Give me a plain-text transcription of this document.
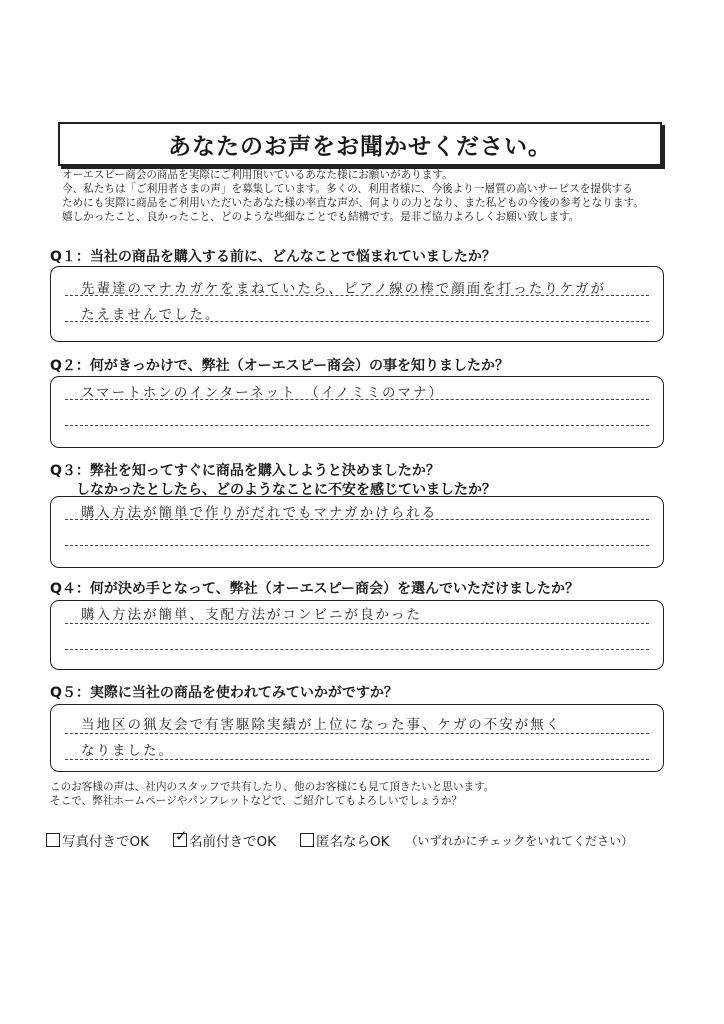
あなたのお声をお聞かせください。
オーエスピー商会の商品を実際にご利用頂いているあなた様にお願いがあります。
今、私たちは「ご利用者さまの声」を募集しています。多くの、利用者様に、今後より一層質の高いサービスを提供する
ためにも実際に商品をご利用いただいたあなた様の率直な声が、何よりの力となり、また私どもの今後の参考となります。
嬉しかったこと、良かったこと、どのような些細なことでも結構です。是非ご協力よろしくお願い致します。
Q１：当社の商品を購入する前に、どんなことで悩まれていましたか？
先輩達のマナカガケをまねていたら、ピアノ線の棒で顔面を打ったりケガが
たえませんでした。
Q２：何がきっかけで、弊社（オーエスピー商会）の事を知りましたか？
スマートホンのインターネット　（イノミミのマナ）
Q３：弊社を知ってすぐに商品を購入しようと決めましたか？
しなかったとしたら、どのようなことに不安を感じていましたか？
購入方法が簡単で作りがだれでもマナガかけられる
Q４：何が決め手となって、弊社（オーエスピー商会）を選んでいただけましたか？
購入方法が簡単、支配方法がコンビニが良かった
Q５：実際に当社の商品を使われてみていかがですか？
当地区の猟友会で有害駆除実績が上位になった事、ケガの不安が無く
なりました。
このお客様の声は、社内のスタッフで共有したり、他のお客様にも見て頂きたいと思います。
そこで、弊社ホームページやパンフレットなどで、ご紹介してもよろしいでしょうか？
写真付きでOK ✓ 名前付きでOK	匿名ならOK （いずれかにチェックをいれてください）
